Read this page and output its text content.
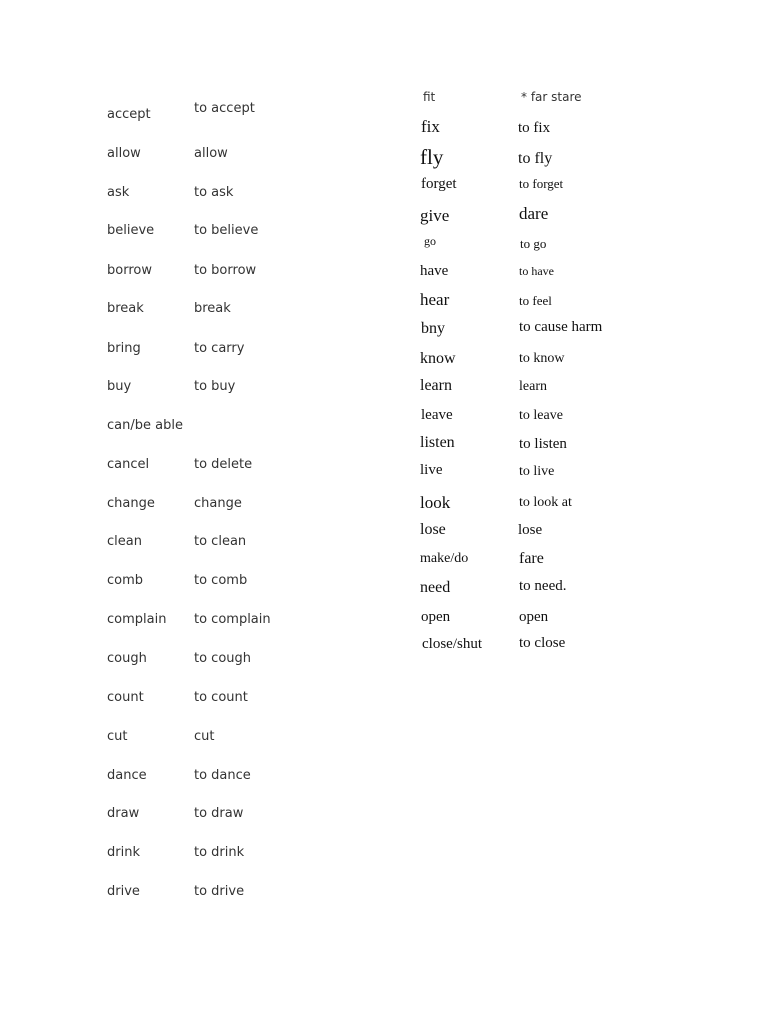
accept	to accept
allow	allow
ask	to ask
believe	to believe
borrow	to borrow
break	break
bring	to carry
buy	to buy
can/be able
cancel	to delete
change	change
clean	to clean
comb	to comb
complain to complain
cough	to cough
count	to count
cut	cut
dance	to dance
draw	to draw
drink	to drink
drive	to drive
fit	* far stare
fix	to fix
fly	to fly
forget	to forget
give	dare
go	to go
have	to have
hear	to feel
bny	to cause harm
know	to know
learn	learn
leave	to leave
listen	to listen
live	to live
look	to look at
lose	lose
make/do	fare
need	to need.
open	open
close/shut to close
